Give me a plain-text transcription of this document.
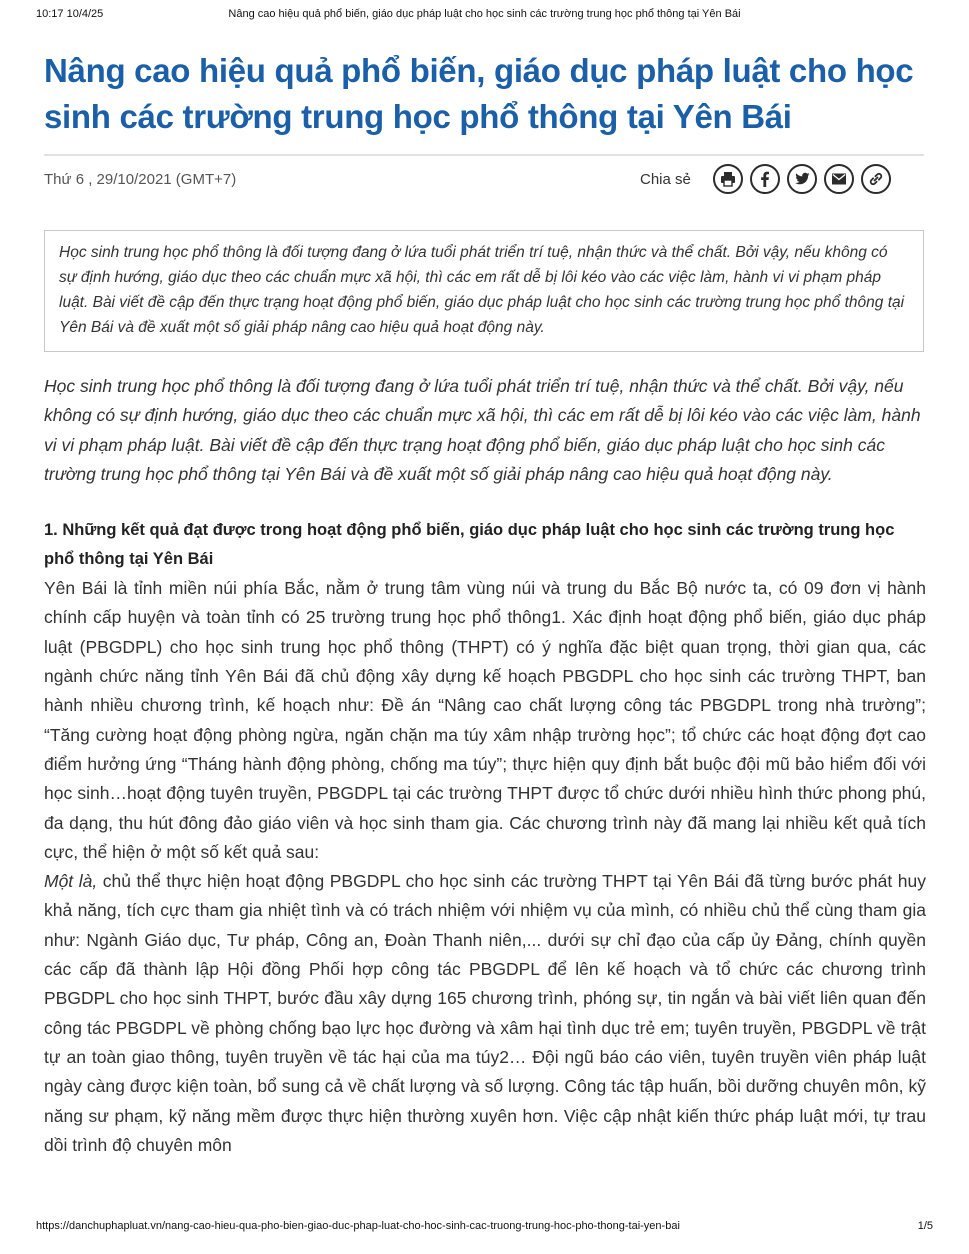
10:17 10/4/25	Nâng cao hiệu quả phổ biến, giáo dục pháp luật cho học sinh các trường trung học phổ thông tại Yên Bái
Nâng cao hiệu quả phổ biến, giáo dục pháp luật cho học sinh các trường trung học phổ thông tại Yên Bái
Thứ 6 , 29/10/2021 (GMT+7)	Chia sẻ
Học sinh trung học phổ thông là đối tượng đang ở lứa tuổi phát triển trí tuệ, nhận thức và thể chất. Bởi vậy, nếu không có sự định hướng, giáo dục theo các chuẩn mực xã hội, thì các em rất dễ bị lôi kéo vào các việc làm, hành vi vi phạm pháp luật. Bài viết đề cập đến thực trạng hoạt động phổ biến, giáo dục pháp luật cho học sinh các trường trung học phổ thông tại Yên Bái và đề xuất một số giải pháp nâng cao hiệu quả hoạt động này.

Học sinh trung học phổ thông là đối tượng đang ở lứa tuổi phát triển trí tuệ, nhận thức và thể chất. Bởi vậy, nếu không có sự định hướng, giáo dục theo các chuẩn mực xã hội, thì các em rất dễ bị lôi kéo vào các việc làm, hành vi vi phạm pháp luật. Bài viết đề cập đến thực trạng hoạt động phổ biến, giáo dục pháp luật cho học sinh các trường trung học phổ thông tại Yên Bái và đề xuất một số giải pháp nâng cao hiệu quả hoạt động này.

1. Những kết quả đạt được trong hoạt động phổ biến, giáo dục pháp luật cho học sinh các trường trung học phổ thông tại Yên Bái

Yên Bái là tỉnh miền núi phía Bắc, nằm ở trung tâm vùng núi và trung du Bắc Bộ nước ta, có 09 đơn vị hành chính cấp huyện và toàn tỉnh có 25 trường trung học phổ thông1. Xác định hoạt động phổ biến, giáo dục pháp luật (PBGDPL) cho học sinh trung học phổ thông (THPT) có ý nghĩa đặc biệt quan trọng, thời gian qua, các ngành chức năng tỉnh Yên Bái đã chủ động xây dựng kế hoạch PBGDPL cho học sinh các trường THPT, ban hành nhiều chương trình, kế hoạch như: Đề án “Nâng cao chất lượng công tác PBGDPL trong nhà trường”; “Tăng cường hoạt động phòng ngừa, ngăn chặn ma túy xâm nhập trường học”; tổ chức các hoạt động đợt cao điểm hưởng ứng “Tháng hành động phòng, chống ma túy”; thực hiện quy định bắt buộc đội mũ bảo hiểm đối với học sinh…hoạt động tuyên truyền, PBGDPL tại các trường THPT được tổ chức dưới nhiều hình thức phong phú, đa dạng, thu hút đông đảo giáo viên và học sinh tham gia. Các chương trình này đã mang lại nhiều kết quả tích cực, thể hiện ở một số kết quả sau:

Một là, chủ thể thực hiện hoạt động PBGDPL cho học sinh các trường THPT tại Yên Bái đã từng bước phát huy khả năng, tích cực tham gia nhiệt tình và có trách nhiệm với nhiệm vụ của mình, có nhiều chủ thể cùng tham gia như: Ngành Giáo dục, Tư pháp, Công an, Đoàn Thanh niên,... dưới sự chỉ đạo của cấp ủy Đảng, chính quyền các cấp đã thành lập Hội đồng Phối hợp công tác PBGDPL để lên kế hoạch và tổ chức các chương trình PBGDPL cho học sinh THPT, bước đầu xây dựng 165 chương trình, phóng sự, tin ngắn và bài viết liên quan đến công tác PBGDPL về phòng chống bạo lực học đường và xâm hại tình dục trẻ em; tuyên truyền, PBGDPL về trật tự an toàn giao thông, tuyên truyền về tác hại của ma túy2… Đội ngũ báo cáo viên, tuyên truyền viên pháp luật ngày càng được kiện toàn, bổ sung cả về chất lượng và số lượng. Công tác tập huấn, bồi dưỡng chuyên môn, kỹ năng sư phạm, kỹ năng mềm được thực hiện thường xuyên hơn. Việc cập nhật kiến thức pháp luật mới, tự trau dồi trình độ chuyên môn

https://danchuphapluat.vn/nang-cao-hieu-qua-pho-bien-giao-duc-phap-luat-cho-hoc-sinh-cac-truong-trung-hoc-pho-thong-tai-yen-bai	1/5
